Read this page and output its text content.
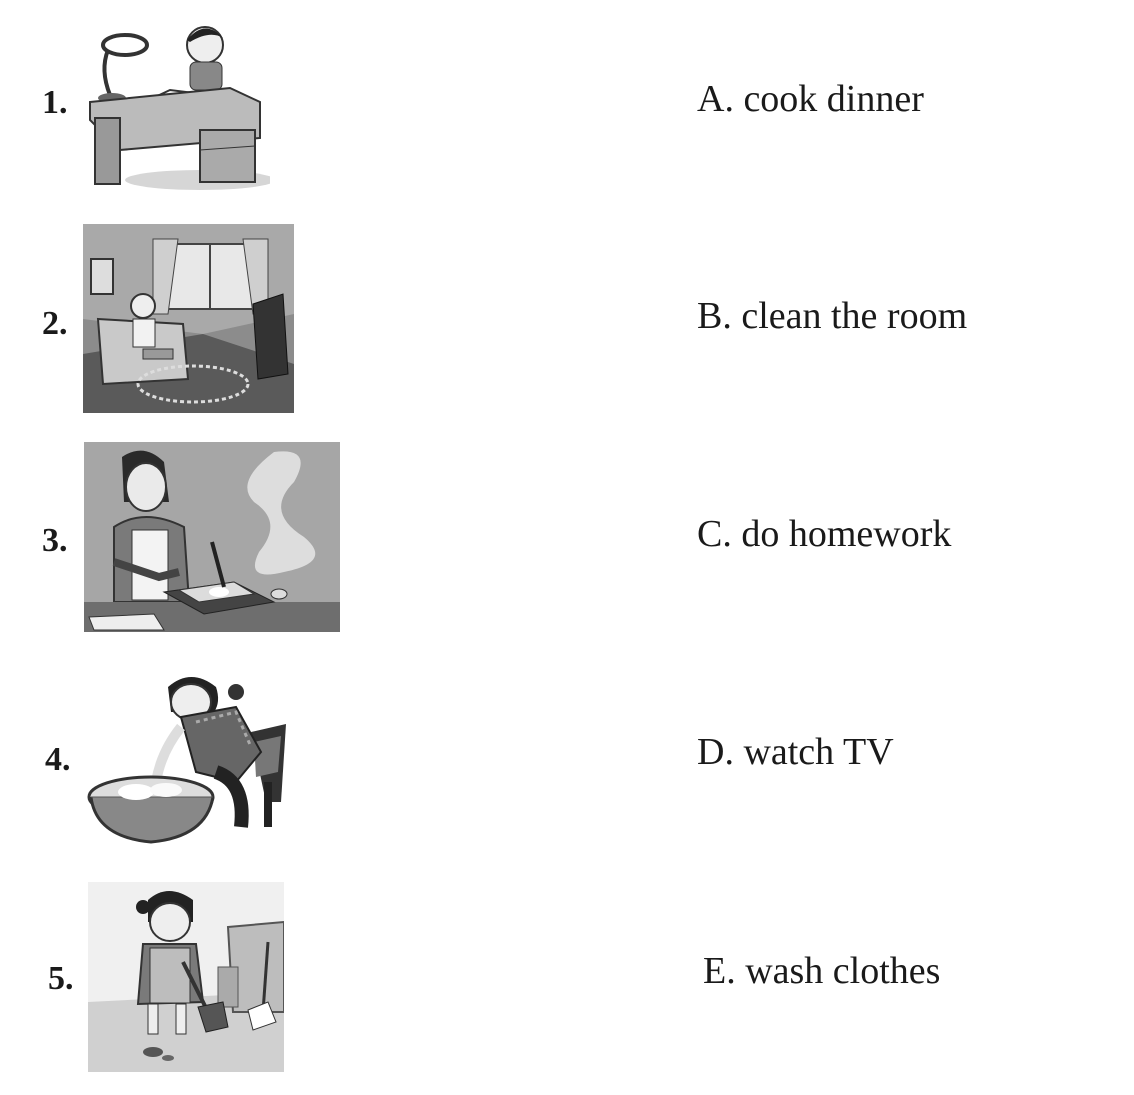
1.	A. cook dinner
2.	B. clean the room
3.	C. do homework
4.	D. watch TV
5.	E. wash clothes
